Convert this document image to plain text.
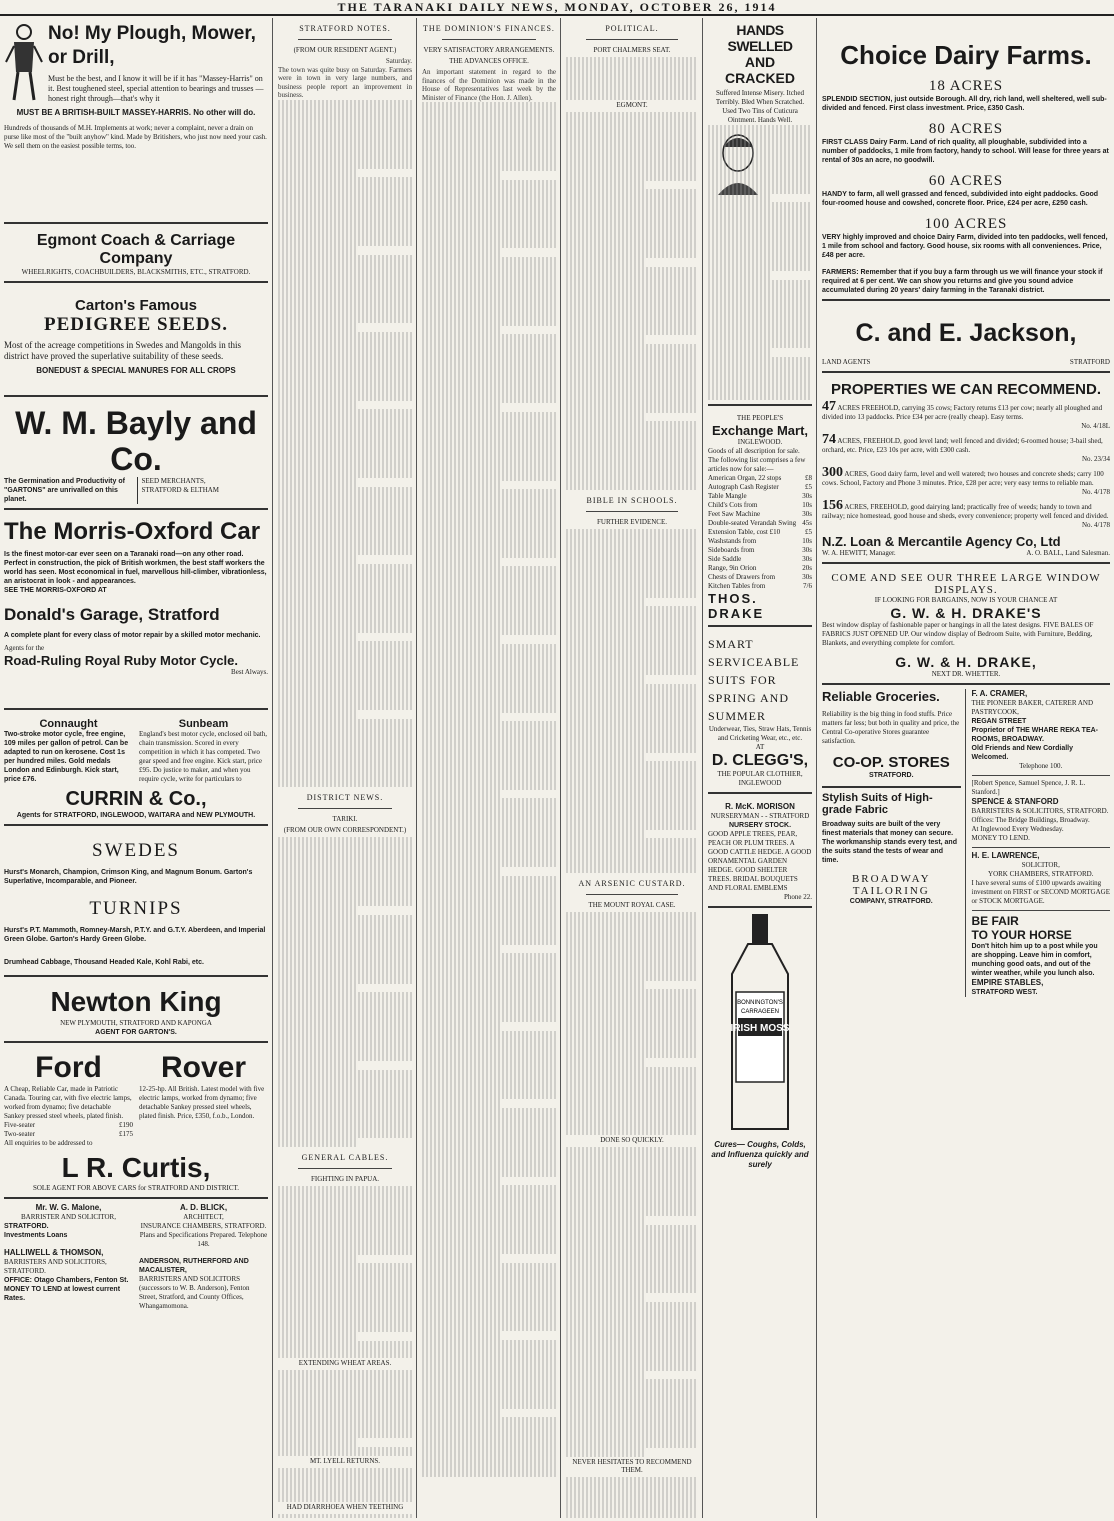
THE TARANAKI DAILY NEWS, MONDAY, OCTOBER 26, 1914
No! My Plough, Mower, or Drill,
Must be the best, and I know it will be if it has "Massey-Harris" on it. Best toughened steel, special attention to bearings and trusses — honest right through—that's why it
MUST BE A BRITISH-BUILT MASSEY-HARRIS. No other will do.
Hundreds of thousands of M.H. Implements at work; never a complaint, never a drain on purse like most of the "built anyhow" kind. Made by Britishers, who just now need your cash. We sell them on the easiest possible terms, too.
Egmont Coach & Carriage Company
WHEELRIGHTS, COACHBUILDERS, BLACKSMITHS, ETC., STRATFORD.
Carton's Famous
PEDIGREE SEEDS.
Most of the acreage competitions in Swedes and Mangolds in this district have proved the superlative suitability of these seeds.
BONEDUST & SPECIAL MANURES FOR ALL CROPS
W. M. Bayly and Co.
The Germination and Productivity of "GARTONS" are unrivalled on this planet.
SEED MERCHANTS,
STRATFORD & ELTHAM
The Morris-Oxford Car
Is the finest motor-car ever seen on a Taranaki road—on any other road. Perfect in construction, the pick of British workmen, the best staff workers the world has seen. Most economical in fuel, marvellous hill-climber, vibrationless, an aristocrat in look - and appearances.
SEE THE MORRIS-OXFORD AT
Donald's Garage, Stratford
A complete plant for every class of motor repair by a skilled motor mechanic.
Agents for the
Road-Ruling Royal Ruby Motor Cycle.
Best Always.
Connaught
Two-stroke motor cycle, free engine, 109 miles per gallon of petrol. Can be adapted to run on kerosene. Cost 1s per hundred miles. Gold medals London and Edinburgh. Kick start, price £76.
Sunbeam
England's best motor cycle, enclosed oil bath, chain transmission. Scored in every competition in which it has competed. Two gear speed and free engine. Kick start, price £95. Do justice to maker, and when you require cycle, write for particulars to
CURRIN & Co.,
Agents for STRATFORD, INGLEWOOD, WAITARA and NEW PLYMOUTH.
SWEDES
Hurst's Monarch, Champion, Crimson King, and Magnum Bonum. Garton's Superlative, Incomparable, and Pioneer.
TURNIPS
Hurst's P.T. Mammoth, Romney-Marsh, P.T.Y. and G.T.Y. Aberdeen, and Imperial Green Globe. Garton's Hardy Green Globe.
Drumhead Cabbage, Thousand Headed Kale, Kohl Rabi, etc.
Newton King
NEW PLYMOUTH, STRATFORD AND KAPONGA
AGENT FOR GARTON'S.
Ford
A Cheap, Reliable Car, made in Patriotic Canada. Touring car, with five electric lamps, worked from dynamo; five detachable Sankey pressed steel wheels, plated finish.
Five-seater	£190
Two-seater	£175
All enquiries to be addressed to
Rover
12-25-hp. All British. Latest model with five electric lamps, worked from dynamo; five detachable Sankey pressed steel wheels, plated finish. Price, £350, f.o.b., London.
L R. Curtis,
SOLE AGENT FOR ABOVE CARS for STRATFORD AND DISTRICT.
Mr. W. G. Malone,
BARRISTER AND SOLICITOR,
STRATFORD.
Investments Loans
HALLIWELL & THOMSON,
BARRISTERS AND SOLICITORS, STRATFORD.
OFFICE: Otago Chambers, Fenton St.
MONEY TO LEND at lowest current Rates.
A. D. BLICK,
ARCHITECT,
INSURANCE CHAMBERS, STRATFORD.
Plans and Specifications Prepared. Telephone 148.
ANDERSON, RUTHERFORD AND MACALISTER,
BARRISTERS AND SOLICITORS (successors to W. B. Anderson), Fenton Street, Stratford, and County Offices, Whangamomona.
STRATFORD NOTES.
(FROM OUR RESIDENT AGENT.)
Saturday.
The town was quite busy on Saturday. Farmers were in town in very large numbers, and business people report an improvement in business.
DISTRICT NEWS.
TARIKI.
(FROM OUR OWN CORRESPONDENT.)
GENERAL CABLES.
FIGHTING IN PAPUA.
EXTENDING WHEAT AREAS.
MT. LYELL RETURNS.
HAD DIARRHOEA WHEN TEETHING
THE DOMINION'S FINANCES.
VERY SATISFACTORY ARRANGEMENTS.
THE ADVANCES OFFICE.
An important statement in regard to the finances of the Dominion was made in the House of Representatives last week by the Minister of Finance (the Hon. J. Allen).
POLITICAL.
PORT CHALMERS SEAT.
EGMONT.
BIBLE IN SCHOOLS.
FURTHER EVIDENCE.
AN ARSENIC CUSTARD.
THE MOUNT ROYAL CASE.
DONE SO QUICKLY.
NEVER HESITATES TO RECOMMEND THEM.
HANDS SWELLED
AND CRACKED
Suffered Intense Misery. Itched Terribly. Bled When Scratched. Used Two Tins of Cuticura Ointment. Hands Well.
THE PEOPLE'S
Exchange Mart,
INGLEWOOD.
Goods of all description for sale. The following list comprises a few articles now for sale:—
American Organ, 22 stops	£8
Autograph Cash Register	£5
Table Mangle	30s
Child's Cots from	10s
Feet Saw Machine	30s
Double-seated Verandah Swing 45s
Extension Table, cost £10	£5
Washstands from	10s
Sideboards from	30s
Side Saddle	30s
Range, 9in Orion	20s
Chests of Drawers from	30s
Kitchen Tables from	7/6
THOS. DRAKE
SMART
SERVICEABLE
SUITS FOR
SPRING AND
SUMMER
Underwear, Ties, Straw Hats, Tennis and Cricketing Wear, etc., etc.
AT
D. CLEGG'S,
THE POPULAR CLOTHIER,
INGLEWOOD
R. McK. MORISON
NURSERYMAN - - STRATFORD
NURSERY STOCK.
GOOD APPLE TREES, PEAR, PEACH OR PLUM TREES. A GOOD CATTLE HEDGE. A GOOD ORNAMENTAL GARDEN HEDGE. GOOD SHELTER TREES. BRIDAL BOUQUETS AND FLORAL EMBLEMS
Phone 22.
BONNINGTON'S
CARRAGEEN
IRISH MOSS
Cures— Coughs, Colds, and Influenza quickly and surely
Choice Dairy Farms.
18 ACRES
SPLENDID SECTION, just outside Borough. All dry, rich land, well sheltered, well sub-divided and fenced. First class investment. Price, £350 Cash.
80 ACRES
FIRST CLASS Dairy Farm. Land of rich quality, all ploughable, subdivided into a number of paddocks, 1 mile from factory, handy to school. Will lease for three years at rental of 30s an acre, no goodwill.
60 ACRES
HANDY to farm, all well grassed and fenced, subdivided into eight paddocks. Good four-roomed house and cowshed, concrete floor. Price, £24 per acre, £250 cash.
100 ACRES
VERY highly improved and choice Dairy Farm, divided into ten paddocks, well fenced, 1 mile from school and factory. Good house, six rooms with all conveniences. Price, £48 per acre.
FARMERS: Remember that if you buy a farm through us we will finance your stock if required at 6 per cent. We can show you returns and give you sound advice accumulated during 20 years' dairy farming in the Taranaki district.
C. and E. Jackson,
LAND AGENTS	STRATFORD
PROPERTIES WE CAN RECOMMEND.
47 ACRES FREEHOLD, carrying 35 cows; Factory returns £13 per cow; nearly all ploughed and divided into 13 paddocks. Price £34 per acre (really cheap). Easy terms.
No. 4/18L
74 ACRES, FREEHOLD, good level land; well fenced and divided; 6-roomed house; 3-bail shed, orchard, etc. Price, £23 10s per acre, with £300 cash.
No. 23/34
300 ACRES, Good dairy farm, level and well watered; two houses and concrete sheds; carry 100 cows. School, Factory and Phone 3 minutes. Price, £28 per acre; very easy terms to reliable man.
No. 4/178
156 ACRES, FREEHOLD, good dairying land; practically free of weeds; handy to town and railway; nice homestead, good house and sheds, every convenience; property well fenced and divided.
No. 4/178
N.Z. Loan & Mercantile Agency Co, Ltd
W. A. HEWITT, Manager.	A. O. BALL, Land Salesman.
COME AND SEE OUR THREE LARGE WINDOW DISPLAYS.
IF LOOKING FOR BARGAINS, NOW IS YOUR CHANCE AT
G. W. & H. DRAKE'S
Best window display of fashionable paper or hangings in all the latest designs. FIVE BALES OF FABRICS JUST OPENED UP. Our window display of Bedroom Suite, with Furniture, Bedding, Blankets, and everything complete for comfort.
G. W. & H. DRAKE,
NEXT DR. WHETTER.
Reliable Groceries.
Reliability is the big thing in food stuffs. Price matters far less; but both in quality and price, the Central Co-operative Stores guarantee satisfaction.
CO-OP. STORES
STRATFORD.
Stylish Suits of High-grade Fabric
Broadway suits are built of the very finest materials that money can secure. The workmanship stands every test, and the suits stand the tests of wear and time.
BROADWAY TAILORING
COMPANY, STRATFORD.
F. A. CRAMER,
THE PIONEER BAKER, CATERER AND PASTRYCOOK,
REGAN STREET
Proprietor of THE WHARE REKA TEA-ROOMS, BROADWAY.
Old Friends and New Cordially Welcomed.
Telephone 100.
[Robert Spence, Samuel Spence, J. R. L. Stanford.]
SPENCE & STANFORD
BARRISTERS & SOLICITORS, STRATFORD.
Offices: The Bridge Buildings, Broadway.
At Inglewood Every Wednesday.
MONEY TO LEND.
H. E. LAWRENCE,
SOLICITOR,
YORK CHAMBERS, STRATFORD.
I have several sums of £100 upwards awaiting investment on FIRST or SECOND MORTGAGE or STOCK MORTGAGE.
BE FAIR
TO YOUR HORSE
Don't hitch him up to a post while you are shopping. Leave him in comfort, munching good oats, and out of the winter weather, while you lunch also.
EMPIRE STABLES,
STRATFORD WEST.
